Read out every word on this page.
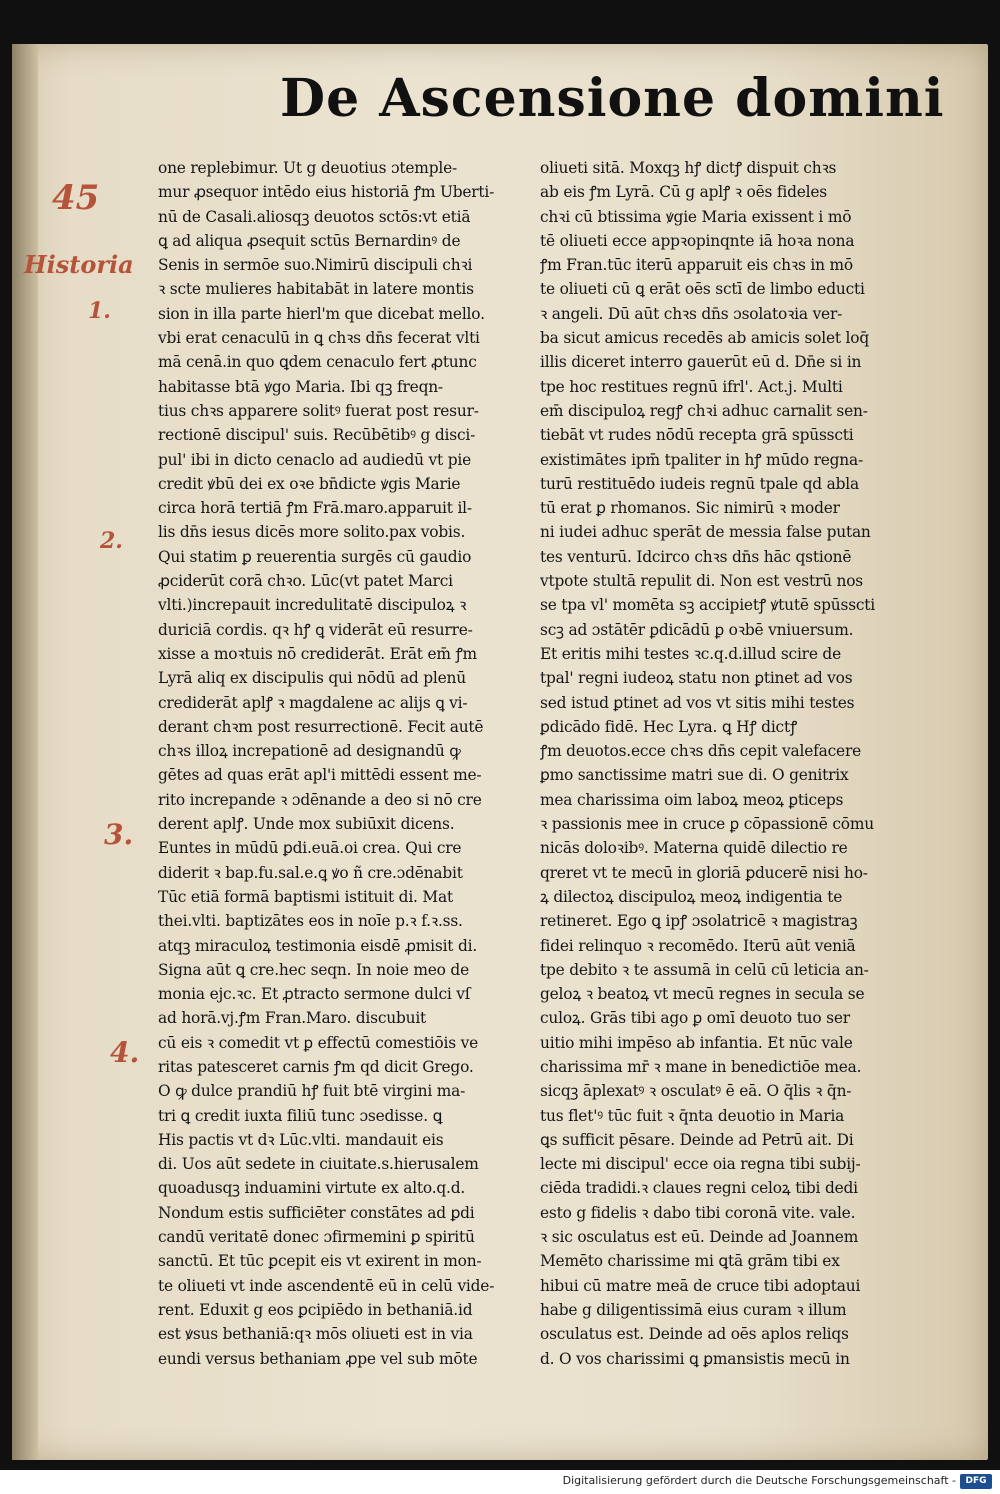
De Ascensione domini
one replebimur. Ut g deuotius ɔtemple-
mur ꝓsequor intēdo eius historiā ꝭm Uberti-
nū de Casali.aliosqꝫ deuotos sctōs:vt etiā
ꝗ ad aliqua ꝓsequit sctūs Bernardinꝰ de
Senis in sermōe suo.Nimirū discipuli chꝛi
ꝛ scte mulieres habitabāt in latere montis
sion in illa parte hierl'm que dicebat mello.
vbi erat cenaculū in ꝗ chꝛs dn̄s fecerat vlti
mā cenā.in quo ꝗdem cenaculo fert ꝓtunc
habitasse btā ꝟgo Maria. Ibi qꝫ freqn-
tius chꝛs apparere solitꝰ fuerat post resur-
rectionē discipul' suis. Recūbētibꝰ g disci-
pul' ibi in dicto cenaclo ad audiedū vt pie
credit ꝟbū dei ex oꝛe bn̄dicte ꝟgis Marie
circa horā tertiā ꝭm Frā.maro.apparuit il-
lis dn̄s iesus dicēs more solito.pax vobis.
Qui statim ꝑ reuerentia surgēs cū gaudio
ꝓciderūt corā chꝛo. Lūc(vt patet Marci
vlti.)increpauit incredulitatē discipuloꝝ ꝛ
duriciā cordis. qꝛ hꝭ ꝗ viderāt eū resurre-
xisse a moꝛtuis nō crediderāt. Erāt em̄ ꝭm
Lyrā aliq ex discipulis qui nōdū ad plenū
crediderāt aplꝭ ꝛ magdalene ac alijs ꝗ vi-
derant chꝛm post resurrectionē. Fecit autē
chꝛs illoꝝ increpationē ad designandū ꝙ
gētes ad quas erāt apl'i mittēdi essent me-
rito increpande ꝛ ɔdēnande a deo si nō cre
derent aplꝭ. Unde mox subiūxit dicens.
Euntes in mūdū ꝑdi.euā.oi crea. Qui cre
diderit ꝛ bap.fu.sal.e.ꝗ ꝟo ñ cre.ɔdēnabit
Tūc etiā formā baptismi istituit di. Mat
thei.vlti. baptizātes eos in noīe p.ꝛ f.ꝛ.ss.
atqꝫ miraculoꝝ testimonia eisdē ꝓmisit di.
Signa aūt ꝗ cre.hec seqn. In noie meo de
monia ejc.ꝛc. Et ꝓtracto sermone dulci vſ
ad horā.vj.ꝭm Fran.Maro. discubuit
cū eis ꝛ comedit vt ꝑ effectū comestiōis ve
ritas patesceret carnis ꝭm qd dicit Grego.
O ꝙ dulce prandiū hꝭ fuit btē virgini ma-
tri ꝗ credit iuxta filiū tunc ɔsedisse. ꝗ
His pactis vt dꝛ Lūc.vlti. mandauit eis
di. Uos aūt sedete in ciuitate.s.hierusalem
quoadusqꝫ induamini virtute ex alto.q.d.
Nondum estis sufficiēter constātes ad ꝑdi
candū veritatē donec ɔfirmemini ꝑ spiritū
sanctū. Et tūc ꝑcepit eis vt exirent in mon-
te oliueti vt inde ascendentē eū in celū vide-
rent. Eduxit g eos ꝑcipiēdo in bethaniā.id
est ꝟsus bethaniā:qꝛ mōs oliueti est in via
eundi versus bethaniam ꝓpe vel sub mōte
oliueti sitā. Moxqꝫ hꝭ dictꝭ dispuit chꝛs
ab eis ꝭm Lyrā. Cū g aplꝭ ꝛ oēs fideles
chꝛi cū btissima ꝟgie Maria exissent i mō
tē oliueti ecce appꝛopinqnte iā hoꝛa nona
ꝭm Fran.tūc iterū apparuit eis chꝛs in mō
te oliueti cū ꝗ erāt oēs sctī de limbo educti
ꝛ angeli. Dū aūt chꝛs dn̄s ɔsolatoꝛia ver-
ba sicut amicus recedēs ab amicis solet loq̄
illis diceret interro gauerūt eū d. Dn̄e si in
tpe hoc restitues regnū ifrl'. Act.j. Multi
em̄ discipuloꝝ regꝭ chꝛi adhuc carnalit sen-
tiebāt vt rudes nōdū recepta grā spūsscti
existimātes ipm̄ tpaliter in hꝭ mūdo regna-
turū restituēdo iudeis regnū tpale qd abla
tū erat ꝑ rhomanos. Sic nimirū ꝛ moder
ni iudei adhuc sperāt de messia false putan
tes venturū. Idcirco chꝛs dn̄s hāc qstionē
vtpote stultā repulit di. Non est vestrū nos
se tpa vl' momēta sꝫ accipietꝭ ꝟtutē spūsscti
scꝫ ad ɔstātēr ꝑdicādū ꝑ oꝛbē vniuersum.
Et eritis mihi testes ꝛc.q.d.illud scire de
tpal' regni iudeoꝝ statu non ꝑtinet ad vos
sed istud ꝑtinet ad vos vt sitis mihi testes
ꝑdicādo fidē. Hec Lyra. ꝗ Hꝭ dictꝭ
ꝭm deuotos.ecce chꝛs dn̄s cepit valefacere
ꝑmo sanctissime matri sue di. O genitrix
mea charissima oim laboꝝ meoꝝ ꝑticeps
ꝛ passionis mee in cruce ꝑ cōpassionē cōmu
nicās doloꝛibꝰ. Materna quidē dilectio re
qreret vt te mecū in gloriā ꝑducerē nisi ho-
ꝝ dilectoꝝ discipuloꝝ meoꝝ indigentia te
retineret. Ego ꝗ ipꝭ ɔsolatricē ꝛ magistraꝫ
fidei relinquo ꝛ recomēdo. Iterū aūt veniā
tpe debito ꝛ te assumā in celū cū leticia an-
geloꝝ ꝛ beatoꝝ vt mecū regnes in secula se
culoꝝ. Grās tibi ago ꝑ omī deuoto tuo ser
uitio mihi impēso ab infantia. Et nūc vale
charissima mr̄ ꝛ mane in benedictiōe mea.
sicqꝫ āplexatꝰ ꝛ osculatꝰ ē eā. O q̄lis ꝛ q̄n-
tus flet'ꝰ tūc fuit ꝛ q̄nta deuotio in Maria
ꝗs sufficit pēsare. Deinde ad Petrū ait. Di
lecte mi discipul' ecce oia regna tibi subij-
ciēda tradidi.ꝛ claues regni celoꝝ tibi dedi
esto g fidelis ꝛ dabo tibi coronā vite. vale.
ꝛ sic osculatus est eū. Deinde ad Joannem
Memēto charissime mi ꝗtā grām tibi ex
hibui cū matre meā de cruce tibi adoptaui
habe g diligentissimā eius curam ꝛ illum
osculatus est. Deinde ad oēs aplos reliqs
d. O vos charissimi ꝗ ꝑmansistis mecū in
45
Historia
1.
2.
3.
4.
Digitalisierung gefördert durch die Deutsche Forschungsgemeinschaft -	DFG
